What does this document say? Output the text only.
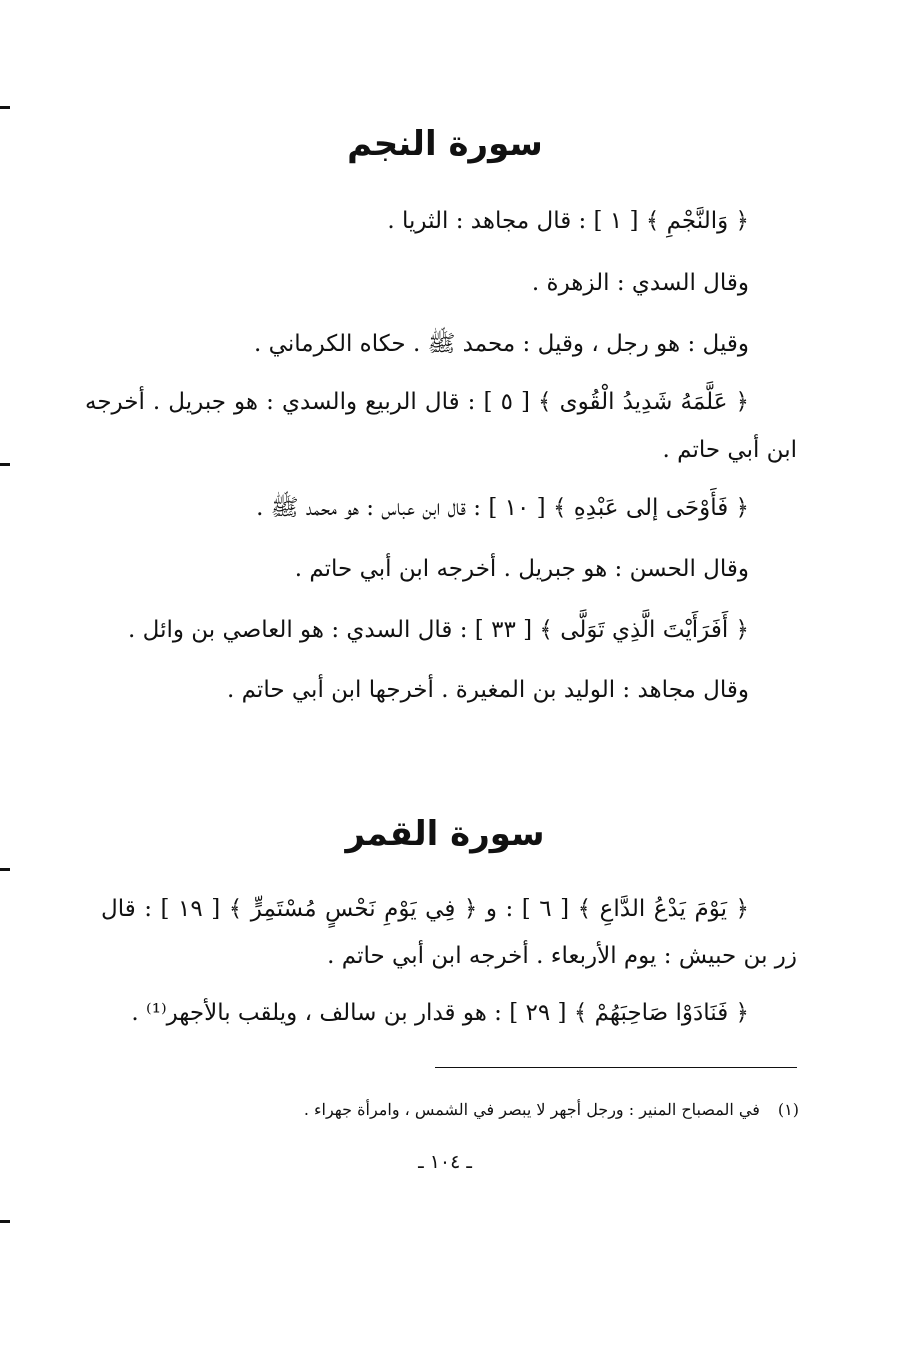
سورة النجم
﴿ وَالنَّجْمِ ﴾ [ ١ ] : قال مجاهد : الثريا .
وقال السدي : الزهرة .
وقيل : هو رجل ، وقيل : محمد ﷺ . حكاه الكرماني .
﴿ عَلَّمَهُ شَدِيدُ الْقُوى ﴾ [ ٥ ] : قال الربيع والسدي : هو جبريل . أخرجه
ابن أبي حاتم .
﴿ فَأَوْحَى إلى عَبْدِهِ ﴾ [ ١٠ ] : قال ابن عباس : هو محمد ﷺ .
وقال الحسن : هو جبريل . أخرجه ابن أبي حاتم .
﴿ أَفَرَأَيْتَ الَّذِي تَوَلَّى ﴾ [ ٣٣ ] : قال السدي : هو العاصي بن وائل .
وقال مجاهد : الوليد بن المغيرة . أخرجها ابن أبي حاتم .
سورة القمر
﴿ يَوْمَ يَدْعُ الدَّاعِ ﴾ [ ٦ ] : و ﴿ فِي يَوْمِ نَحْسٍ مُسْتَمِرٍّ ﴾ [ ١٩ ] : قال
زر بن حبيش : يوم الأربعاء . أخرجه ابن أبي حاتم .
﴿ فَنَادَوْا صَاحِبَهُمْ ﴾ [ ٢٩ ] : هو قدار بن سالف ، ويلقب بالأجهر⁽¹⁾ .
(١)في المصباح المنير : ورجل أجهر لا يبصر في الشمس ، وامرأة جهراء .
ـ ١٠٤ ـ
